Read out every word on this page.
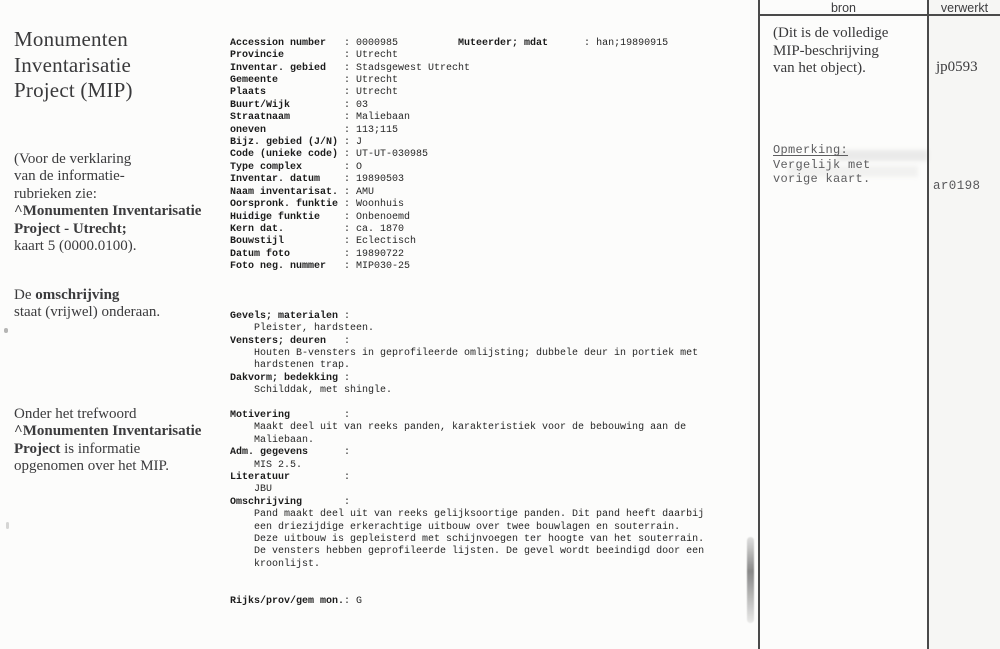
Monumenten
Inventarisatie
Project (MIP)
(Voor de verklaring
van de informatie-
rubrieken zie:
^Monumenten Inventarisatie
Project - Utrecht;
kaart 5 (0000.0100).
De omschrijving
staat (vrijwel) onderaan.
Onder het trefwoord
^Monumenten Inventarisatie
Project is informatie
opgenomen over het MIP.

Accession number : 0000985	Muteerder; mdat	: han;19890915
Provincie	: Utrecht
Inventar. gebied : Stadsgewest Utrecht
Gemeente	: Utrecht
Plaats	: Utrecht
Buurt/Wijk	: 03
Straatnaam	: Maliebaan
oneven	: 113;115
Bijz. gebied (J/N) : J
Code (unieke code) : UT-UT-030985
Type complex	: O
Inventar. datum : 19890503
Naam inventarisat. : AMU
Oorspronk. funktie : Woonhuis
Huidige funktie : Onbenoemd
Kern dat.	: ca. 1870
Bouwstijl	: Eclectisch
Datum foto	: 19890722
Foto neg. nummer : MIP030-25

Gevels; materialen :
Pleister, hardsteen.
Vensters; deuren :
Houten B-vensters in geprofileerde omlijsting; dubbele deur in portiek met
hardstenen trap.
Dakvorm; bedekking :
Schilddak, met shingle.
Motivering	:
Maakt deel uit van reeks panden, karakteristiek voor de bebouwing aan de
Maliebaan.
Adm. gegevens	:
MIS 2.5.
Literatuur	:
JBU
Omschrijving	:
Pand maakt deel uit van reeks gelijksoortige panden. Dit pand heeft daarbij
een driezijdige erkerachtige uitbouw over twee bouwlagen en souterrain.
Deze uitbouw is gepleisterd met schijnvoegen ter hoogte van het souterrain.
De vensters hebben geprofileerde lijsten. De gevel wordt beeindigd door een
kroonlijst.

Rijks/prov/gem mon.: G

bron	verwerkt
(Dit is de volledige
MIP-beschrijving
van het object).	jp0593
Opmerking:
Vergelijk met
vorige kaart.	ar0198
